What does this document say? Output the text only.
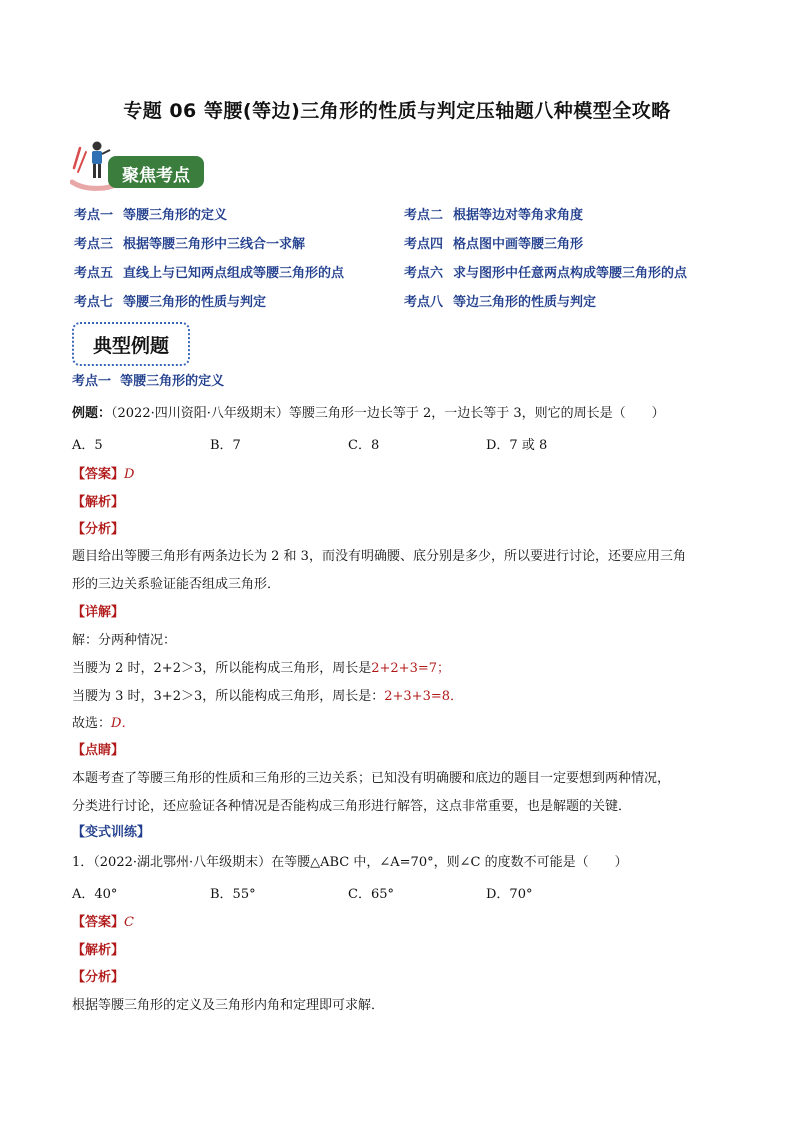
专题 06 等腰(等边)三角形的性质与判定压轴题八种模型全攻略
聚焦考点
考点一 等腰三角形的定义	考点二 根据等边对等角求角度
考点三 根据等腰三角形中三线合一求解	考点四 格点图中画等腰三角形
考点五 直线上与已知两点组成等腰三角形的点	考点六 求与图形中任意两点构成等腰三角形的点
考点七 等腰三角形的性质与判定	考点八 等边三角形的性质与判定
典型例题
考点一 等腰三角形的定义
例题：（2022·四川资阳·八年级期末）等腰三角形一边长等于 2，一边长等于 3，则它的周长是（　　）
A．5	B．7	C．8	D．7 或 8
【答案】D
【解析】
【分析】
题目给出等腰三角形有两条边长为 2 和 3，而没有明确腰、底分别是多少，所以要进行讨论，还要应用三角
形的三边关系验证能否组成三角形．
【详解】
解：分两种情况：
当腰为 2 时，2+2＞3，所以能构成三角形，周长是2+2+3=7；
当腰为 3 时，3+2＞3，所以能构成三角形，周长是：2+3+3=8．
故选：D．
【点睛】
本题考查了等腰三角形的性质和三角形的三边关系；已知没有明确腰和底边的题目一定要想到两种情况，
分类进行讨论，还应验证各种情况是否能构成三角形进行解答，这点非常重要，也是解题的关键．
【变式训练】
1．（2022·湖北鄂州·八年级期末）在等腰△ABC 中，∠A=70°，则∠C 的度数不可能是（　　）
A．40°	B．55°	C．65°	D．70°
【答案】C
【解析】
【分析】
根据等腰三角形的定义及三角形内角和定理即可求解．
